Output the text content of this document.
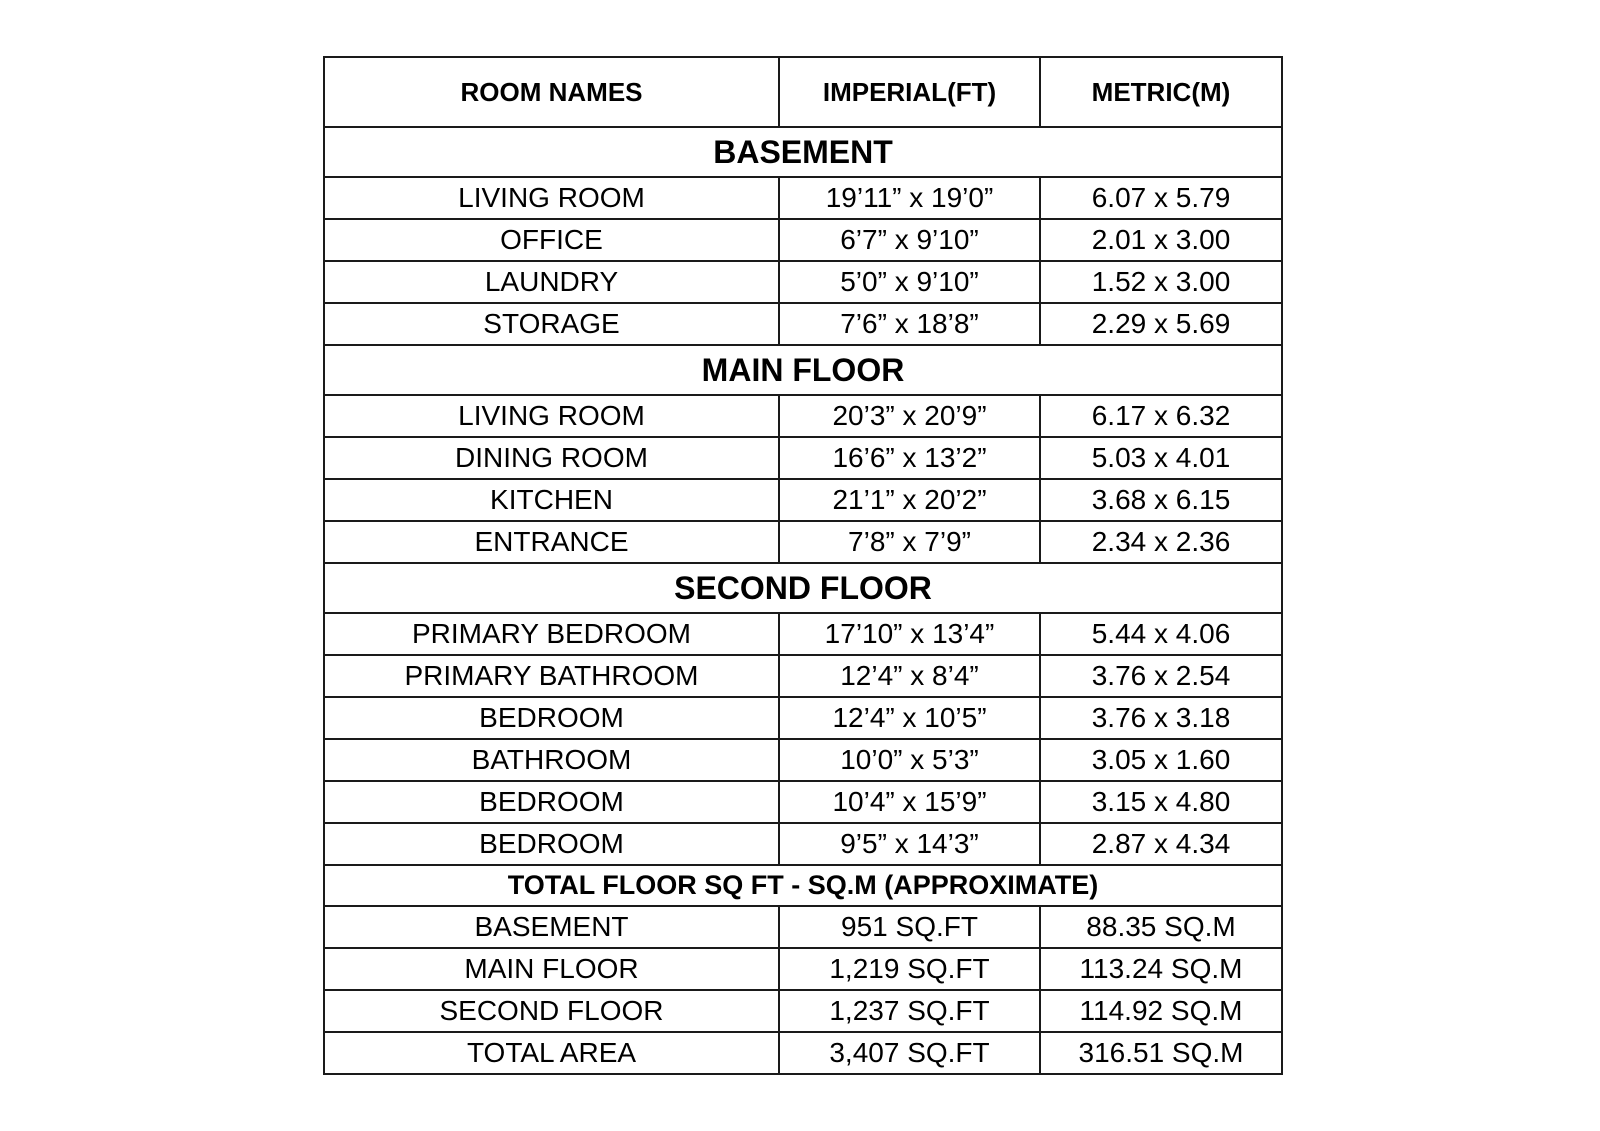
ROOM NAMES	IMPERIAL(FT)	METRIC(M)
BASEMENT		
LIVING ROOM	19’11” x 19’0”	6.07 x 5.79
OFFICE	6’7” x 9’10”	2.01 x 3.00
LAUNDRY	5’0” x 9’10”	1.52 x 3.00
STORAGE	7’6” x 18’8”	2.29 x 5.69
MAIN FLOOR		
LIVING ROOM	20’3” x 20’9”	6.17 x 6.32
DINING ROOM	16’6” x 13’2”	5.03 x 4.01
KITCHEN	21’1” x 20’2”	3.68 x 6.15
ENTRANCE	7’8” x 7’9”	2.34 x 2.36
SECOND FLOOR		
PRIMARY BEDROOM	17’10” x 13’4”	5.44 x 4.06
PRIMARY BATHROOM	12’4” x 8’4”	3.76 x 2.54
BEDROOM	12’4” x 10’5”	3.76 x 3.18
BATHROOM	10’0” x 5’3”	3.05 x 1.60
BEDROOM	10’4” x 15’9”	3.15 x 4.80
BEDROOM	9’5” x 14’3”	2.87 x 4.34
TOTAL FLOOR SQ FT - SQ.M (APPROXIMATE)		
BASEMENT	951 SQ.FT	88.35 SQ.M
MAIN FLOOR	1,219 SQ.FT	113.24 SQ.M
SECOND FLOOR	1,237 SQ.FT	114.92 SQ.M
TOTAL AREA	3,407 SQ.FT	316.51 SQ.M
